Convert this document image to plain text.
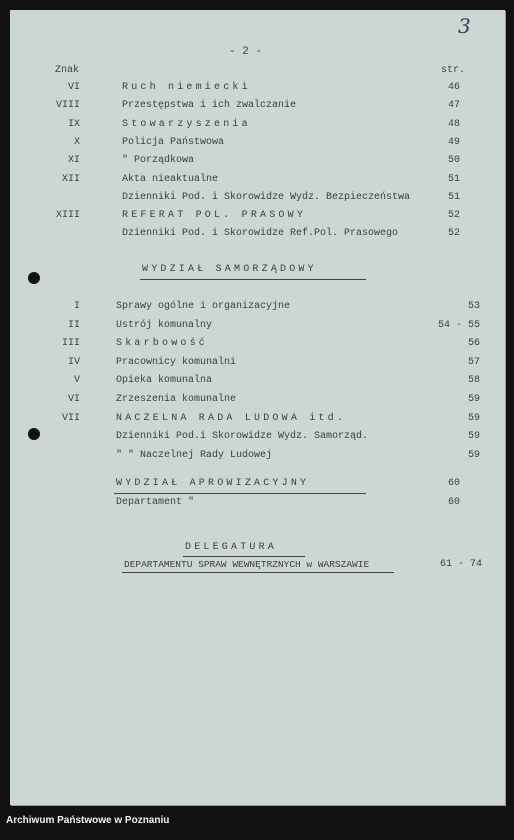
3
- 2 -
Znak	str.
VI	Ruch niemiecki	46
VIII	Przestępstwa i ich zwalczanie	47
IX	Stowarzyszenia	48
X	Policja Państwowa	49
XI	" Porządkowa	50
XII	Akta nieaktualne	51
Dzienniki Pod. i Skorowidze Wydz. Bezpieczeństwa	51
XIII	REFERAT POL. PRASOWY	52
Dzienniki Pod. i Skorowidze Ref.Pol. Prasowego	52
WYDZIAŁ SAMORZĄDOWY
I	Sprawy ogólne i organizacyjne	53
II	Ustrój komunalny	54 - 55
III	Skarbowość	56
IV	Pracownicy komunalni	57
V	Opieka komunalna	58
VI	Zrzeszenia komunalne	59
VII	NACZELNA RADA LUDOWA itd.	59
Dzienniki Pod.i Skorowidze Wydz. Samorząd.	59
" " Naczelnej Rady Ludowej	59
WYDZIAŁ APROWIZACYJNY	60
Departament "	60
DELEGATURA
DEPARTAMENTU SPRAW WEWNĘTRZNYCH w WARSZAWIE	61 - 74
Archiwum Państwowe w Poznaniu
